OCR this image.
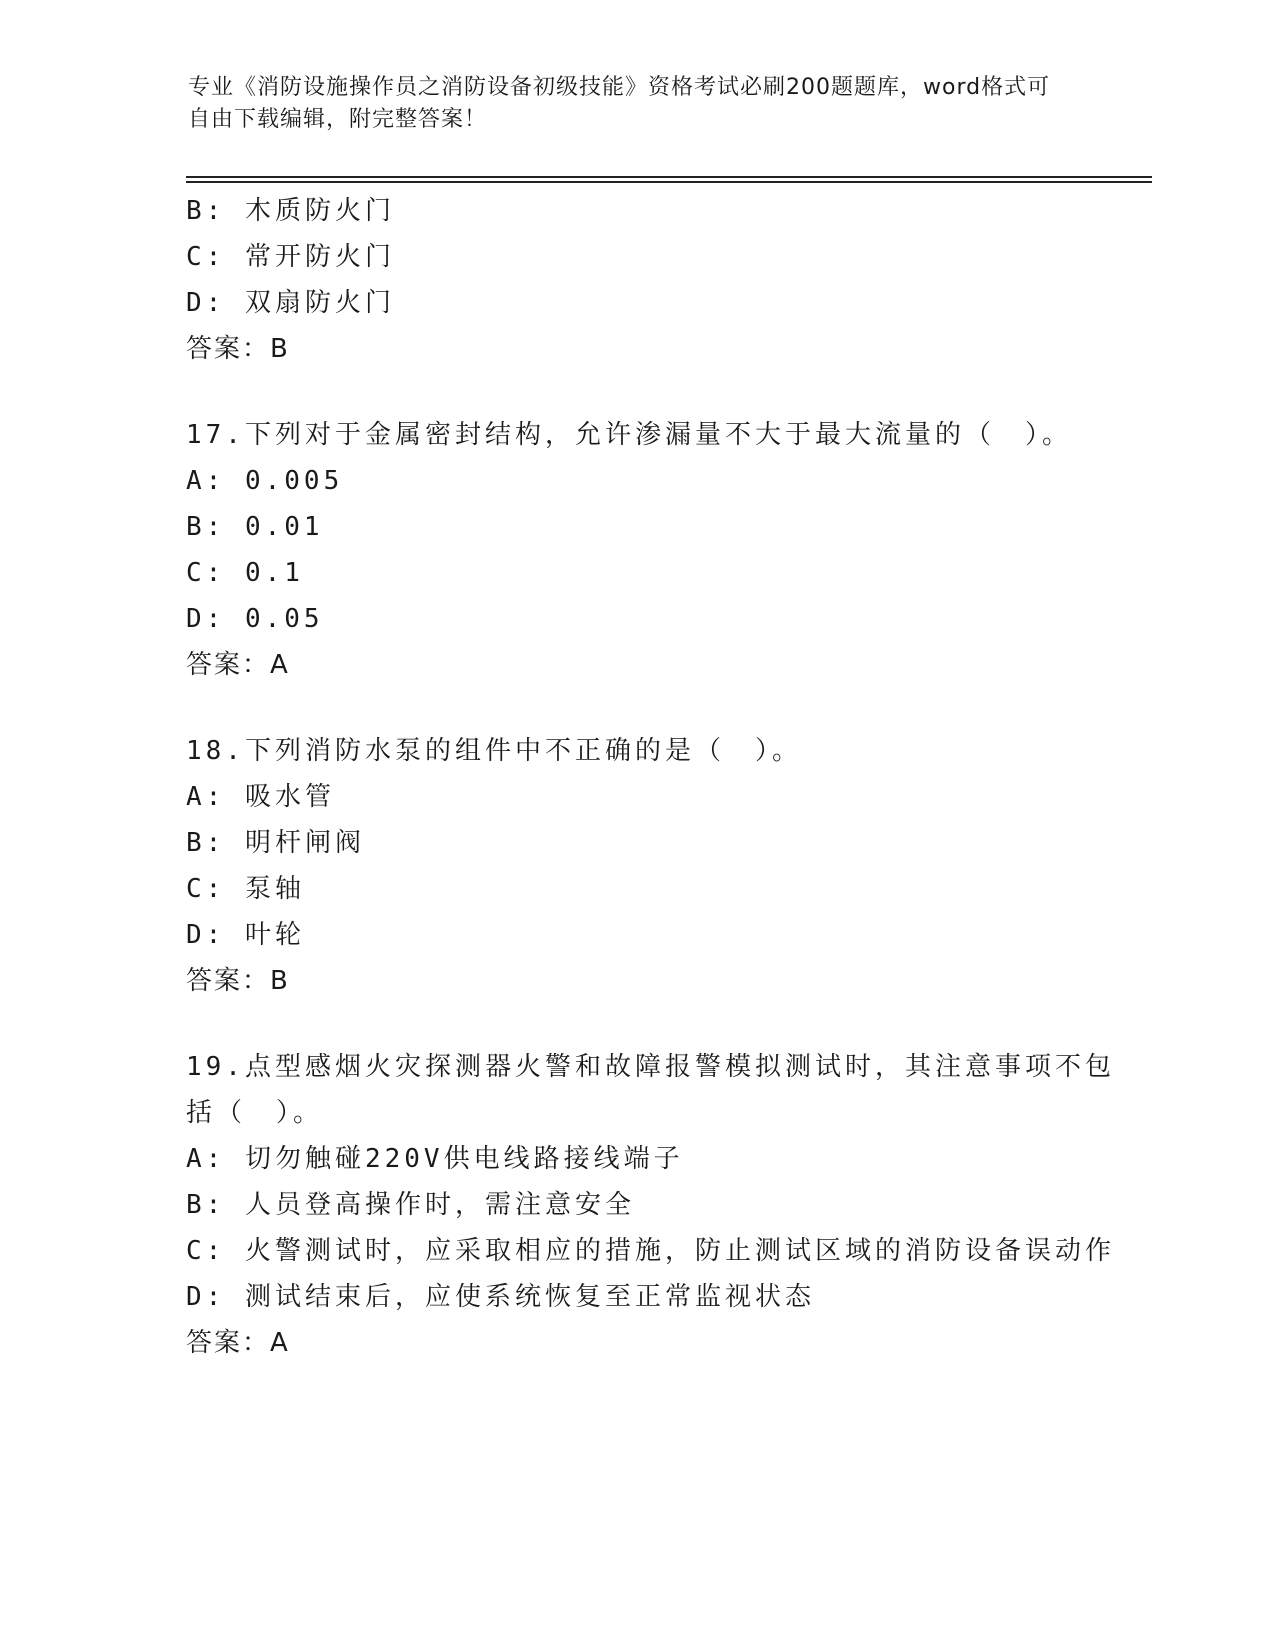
专业《消防设施操作员之消防设备初级技能》资格考试必刷200题题库，word格式可自由下载编辑，附完整答案！
B: 木质防火门
C: 常开防火门
D: 双扇防火门
答案：B
17.下列对于金属密封结构，允许渗漏量不大于最大流量的（　）。
A: 0.005
B: 0.01
C: 0.1
D: 0.05
答案：A
18.下列消防水泵的组件中不正确的是（　）。
A: 吸水管
B: 明杆闸阀
C: 泵轴
D: 叶轮
答案：B
19.点型感烟火灾探测器火警和故障报警模拟测试时，其注意事项不包
括（　）。
A: 切勿触碰220V供电线路接线端子
B: 人员登高操作时，需注意安全
C: 火警测试时，应采取相应的措施，防止测试区域的消防设备误动作
D: 测试结束后，应使系统恢复至正常监视状态
答案：A
